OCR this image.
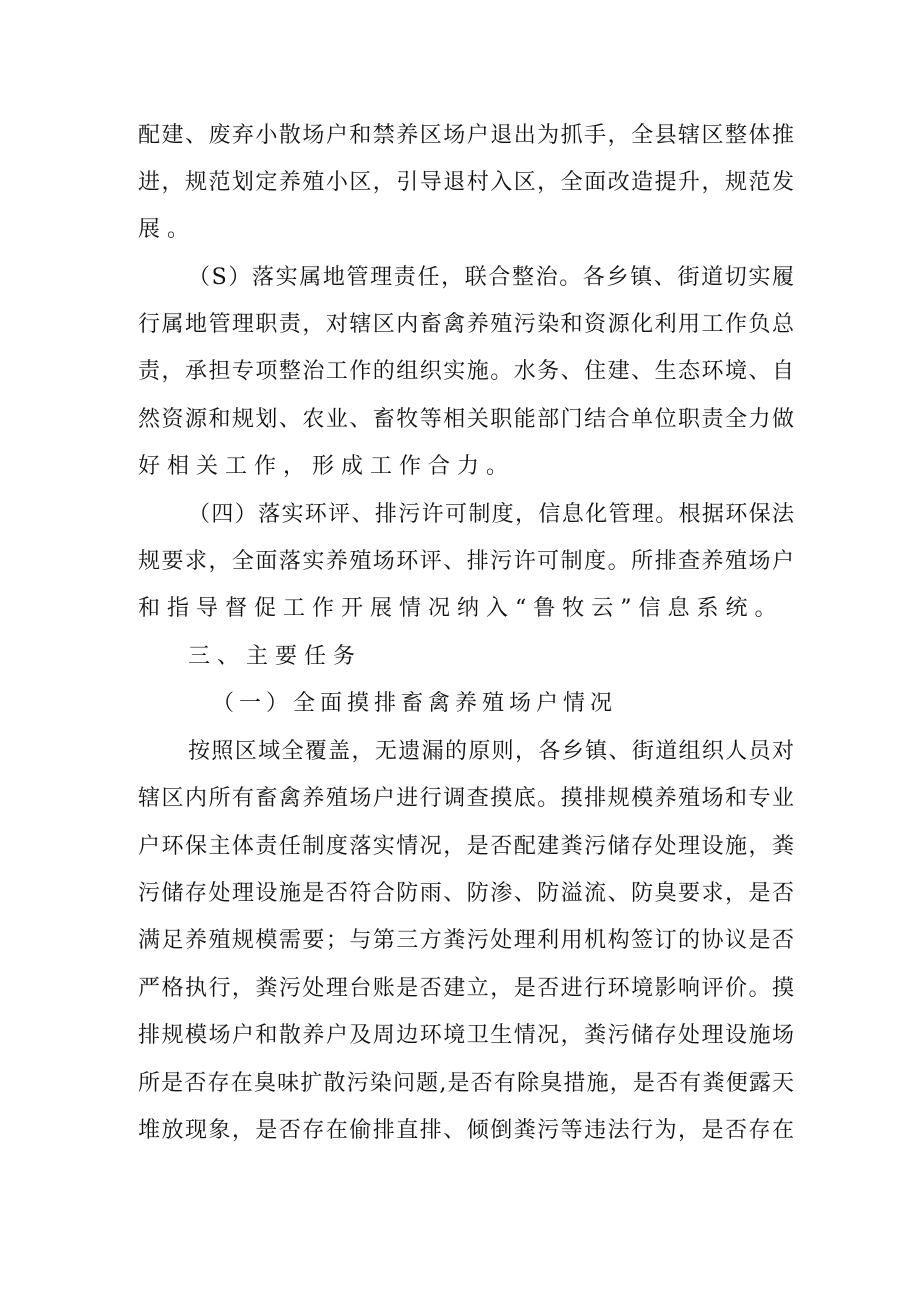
配建、废弃小散场户和禁养区场户退出为抓手，全县辖区整体推
进，规范划定养殖小区，引导退村入区，全面改造提升，规范发
展。
（S）落实属地管理责任，联合整治。各乡镇、街道切实履
行属地管理职责，对辖区内畜禽养殖污染和资源化利用工作负总
责，承担专项整治工作的组织实施。水务、住建、生态环境、自
然资源和规划、农业、畜牧等相关职能部门结合单位职责全力做
好相关工作，形成工作合力。
（四）落实环评、排污许可制度，信息化管理。根据环保法
规要求，全面落实养殖场环评、排污许可制度。所排查养殖场户
和指导督促工作开展情况纳入“鲁牧云”信息系统。
三、主要任务
（一）全面摸排畜禽养殖场户情况
按照区域全覆盖，无遗漏的原则，各乡镇、街道组织人员对
辖区内所有畜禽养殖场户进行调查摸底。摸排规模养殖场和专业
户环保主体责任制度落实情况，是否配建粪污储存处理设施，粪
污储存处理设施是否符合防雨、防渗、防溢流、防臭要求，是否
满足养殖规模需要；与第三方粪污处理利用机构签订的协议是否
严格执行，粪污处理台账是否建立，是否进行环境影响评价。摸
排规模场户和散养户及周边环境卫生情况，粪污储存处理设施场
所是否存在臭味扩散污染问题,是否有除臭措施，是否有粪便露天
堆放现象，是否存在偷排直排、倾倒粪污等违法行为，是否存在
